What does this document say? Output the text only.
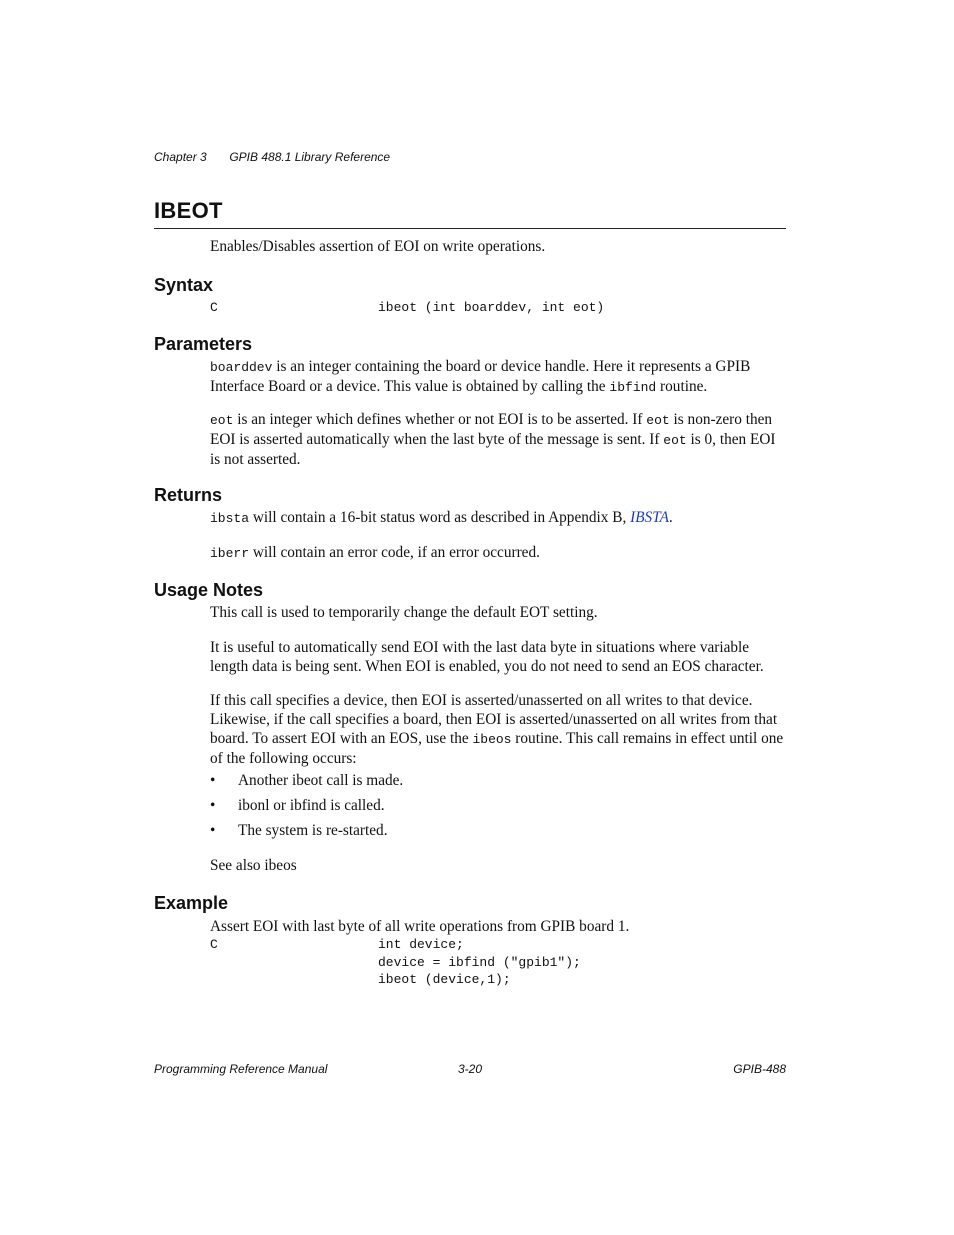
Chapter 3 GPIB 488.1 Library Reference
IBEOT
Enables/Disables assertion of EOI on write operations.
Syntax
C	ibeot (int boarddev, int eot)
Parameters
boarddev is an integer containing the board or device handle. Here it represents a GPIB Interface Board or a device. This value is obtained by calling the ibfind routine.
eot is an integer which defines whether or not EOI is to be asserted. If eot is non-zero then EOI is asserted automatically when the last byte of the message is sent. If eot is 0, then EOI is not asserted.
Returns
ibsta will contain a 16-bit status word as described in Appendix B, IBSTA.
iberr will contain an error code, if an error occurred.
Usage Notes
This call is used to temporarily change the default EOT setting.
It is useful to automatically send EOI with the last data byte in situations where variable length data is being sent. When EOI is enabled, you do not need to send an EOS character.
If this call specifies a device, then EOI is asserted/unasserted on all writes to that device. Likewise, if the call specifies a board, then EOI is asserted/unasserted on all writes from that board. To assert EOI with an EOS, use the ibeos routine. This call remains in effect until one of the following occurs:
• Another ibeot call is made.
• ibonl or ibfind is called.
• The system is re-started.
See also ibeos
Example
Assert EOI with last byte of all write operations from GPIB board 1.
C	int device;
device = ibfind ("gpib1");
ibeot (device,1);
Programming Reference Manual	3-20	GPIB-488
